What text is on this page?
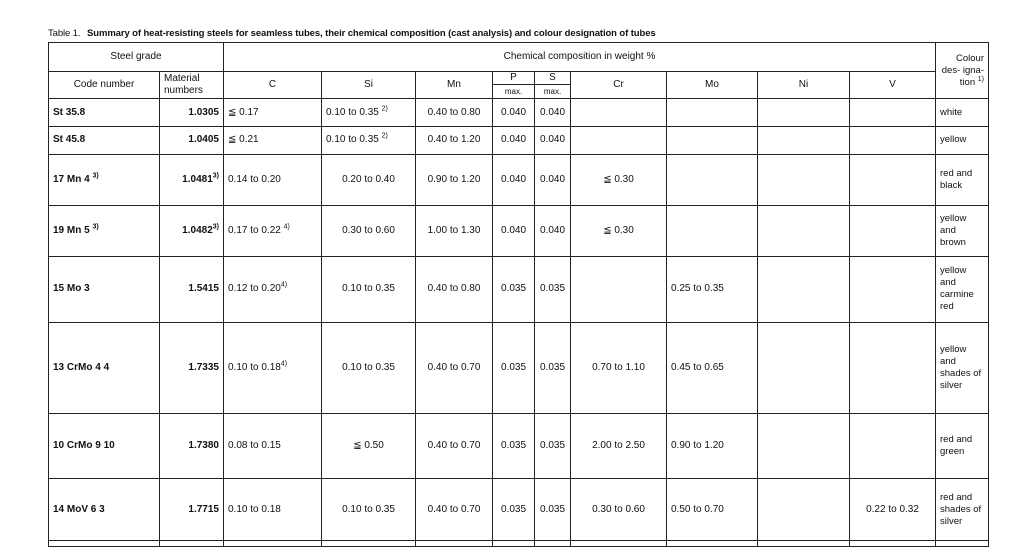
Table 1. Summary of heat-resisting steels for seamless tubes, their chemical composition (cast analysis) and colour designation of tubes
Steel grade		Chemical composition in weight %									Colour des- igna- tion $^{1)}$
Code number	Material numbers	C	Si	Mn	P	S	Cr	Mo	Ni	V	
					max.	max.					
St 35.8	1.0305	≦ 0.17	0.10 to 0.35 $^{2)}$	0.40 to 0.80	0.040	0.040					white
St 45.8	1.0405	≦ 0.21	0.10 to 0.35 $^{2)}$	0.40 to 1.20	0.040	0.040					yellow
17 Mn 4 $^{3)}$	1.0481$^{3)}$	0.14 to 0.20	0.20 to 0.40	0.90 to 1.20	0.040	0.040	≦ 0.30				red and black
19 Mn 5 $^{3)}$	1.0482$^{3)}$	0.17 to 0.22 $^{4)}$	0.30 to 0.60	1.00 to 1.30	0.040	0.040	≦ 0.30				yellow and brown
15 Mo 3	1.5415	0.12 to 0.20$^{4)}$	0.10 to 0.35	0.40 to 0.80	0.035	0.035		0.25 to 0.35			yellow and carmine red
13 CrMo 4 4	1.7335	0.10 to 0.18$^{4)}$	0.10 to 0.35	0.40 to 0.70	0.035	0.035	0.70 to 1.10	0.45 to 0.65			yellow and shades of silver
10 CrMo 9 10	1.7380	0.08 to 0.15	≦ 0.50	0.40 to 0.70	0.035	0.035	2.00 to 2.50	0.90 to 1.20			red and green
14 MoV 6 3	1.7715	0.10 to 0.18	0.10 to 0.35	0.40 to 0.70	0.035	0.035	0.30 to 0.60	0.50 to 0.70		0.22 to 0.32	red and shades of silver
